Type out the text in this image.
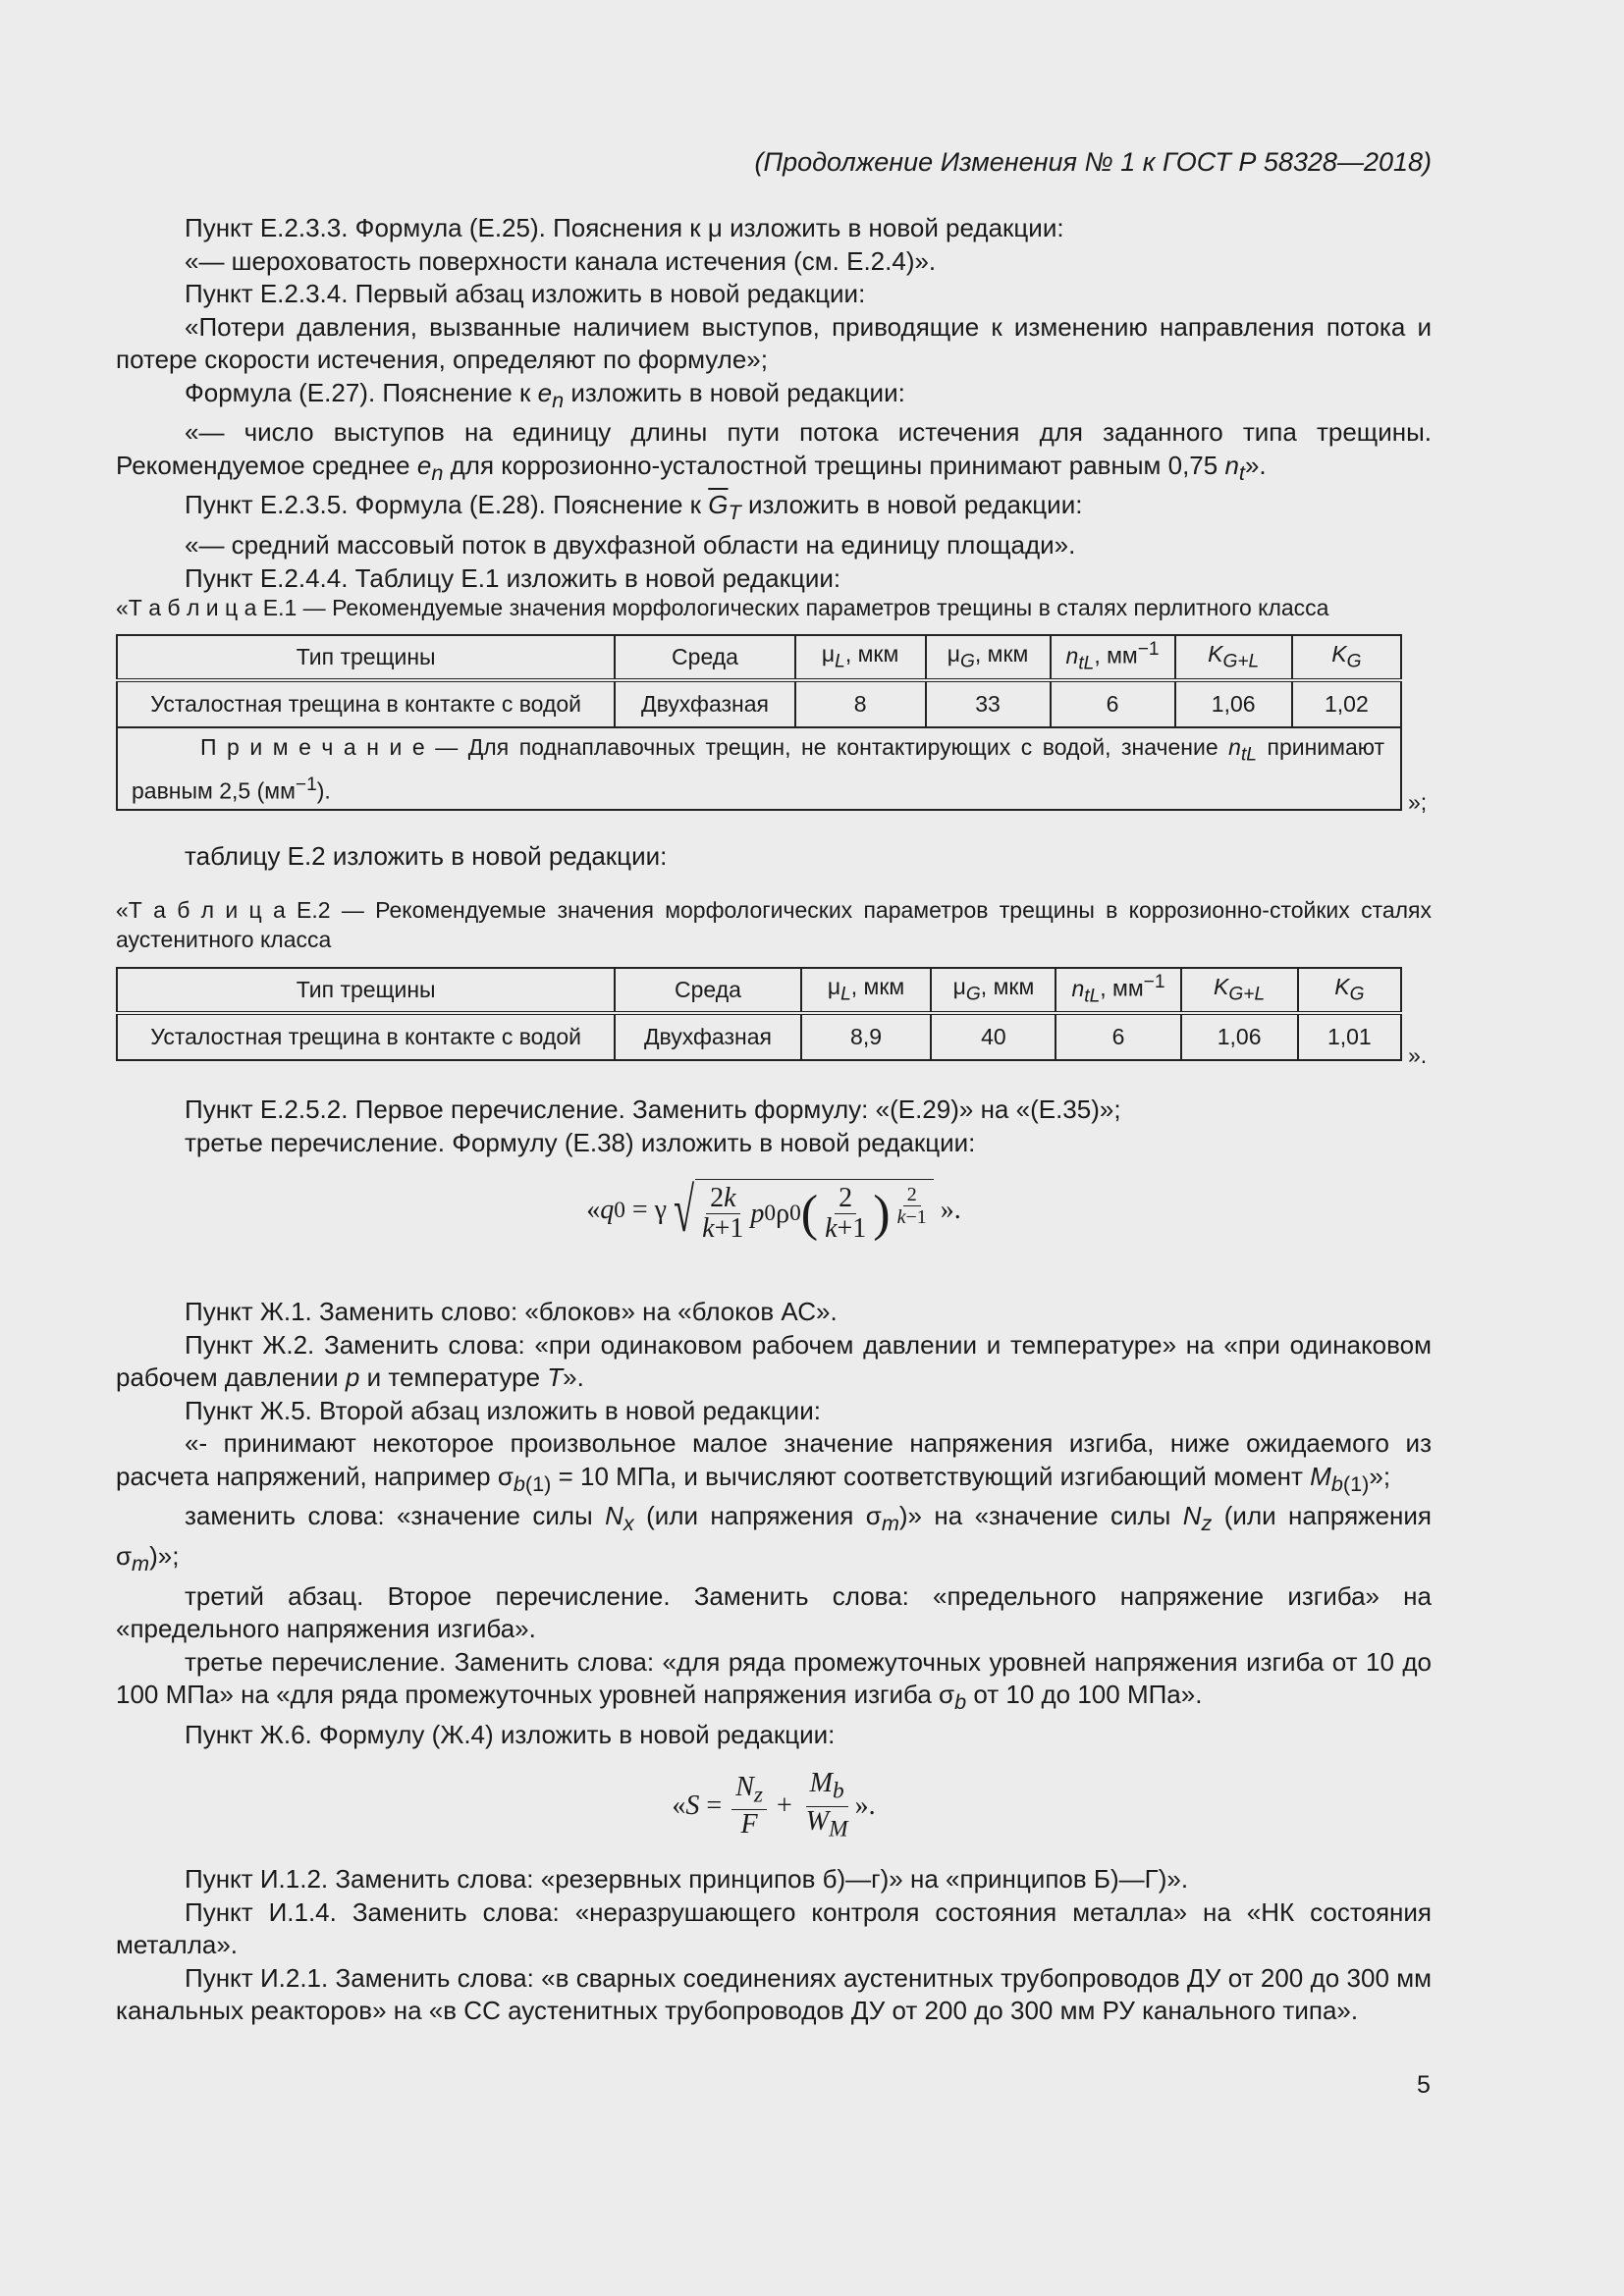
(Продолжение Изменения № 1 к ГОСТ Р 58328—2018)

Пункт Е.2.3.3. Формула (Е.25). Пояснения к μ изложить в новой редакции:

«— шероховатость поверхности канала истечения (см. Е.2.4)».

Пункт Е.2.3.4. Первый абзац изложить в новой редакции:

«Потери давления, вызванные наличием выступов, приводящие к изменению направления потока и потере скорости истечения, определяют по формуле»;

Формула (Е.27). Пояснение к $e_n$ изложить в новой редакции:

«— число выступов на единицу длины пути потока истечения для заданного типа трещины. Рекомендуемое среднее $e_n$ для коррозионно-усталостной трещины принимают равным 0,75 $n_t$».

Пункт Е.2.3.5. Формула (Е.28). Пояснение к $\overline{G}_T$ изложить в новой редакции:

«— средний массовый поток в двухфазной области на единицу площади».

Пункт Е.2.4.4. Таблицу Е.1 изложить в новой редакции:

«Т а б л и ц а Е.1 — Рекомендуемые значения морфологических параметров трещины в сталях перлитного класса

Тип трещины	Среда	$\mu_L$, мкм	$\mu_G$, мкм	$n_{tL}$, $мм^{-1}$	$K_{G+L}$	$K_G$
Усталостная трещина в контакте с водой	Двухфазная	8	33	6	1,06	1,02
П р и м е ч а н и е — Для поднаплавочных трещин, не контактирующих с водой, значение $n_{tL}$ принимают равным 2,5 $(мм^{-1})$.							»;

таблицу Е.2 изложить в новой редакции:

«Т а б л и ц а Е.2 — Рекомендуемые значения морфологических параметров трещины в коррозионно-стойких сталях аустенитного класса

Тип трещины	Среда	$\mu_L$, мкм	$\mu_G$, мкм	$n_{tL}$, $мм^{-1}$	$K_{G+L}$	$K_G$
Усталостная трещина в контакте с водой	Двухфазная	8,9	40	6	1,06	1,01
».

Пункт Е.2.5.2. Первое перечисление. Заменить формулу: «(Е.29)» на «(Е.35)»;

третье перечисление. Формулу (Е.38) изложить в новой редакции:

« q 0 = γ √ $\frac{2k}{k+1}$ p 0 ρ 0 ( $\frac{2}{k+1}$ ) $\frac{2}{k-1}$ ».

Пункт Ж.1. Заменить слово: «блоков» на «блоков АС».

Пункт Ж.2. Заменить слова: «при одинаковом рабочем давлении и температуре» на «при одинаковом рабочем давлении p и температуре T».

Пункт Ж.5. Второй абзац изложить в новой редакции:

«- принимают некоторое произвольное малое значение напряжения изгиба, ниже ожидаемого из расчета напряжений, например $\sigma_{b(1)} = 10$ МПа, и вычисляют соответствующий изгибающий момент $M_{b(1)}$»;

заменить слова: «значение силы $N_x$ (или напряжения $\sigma_m$)» на «значение силы $N_z$ (или напряжения $\sigma_m$)»;

третий абзац. Второе перечисление. Заменить слова: «предельного напряжение изгиба» на «предельного напряжения изгиба».

третье перечисление. Заменить слова: «для ряда промежуточных уровней напряжения изгиба от 10 до 100 МПа» на «для ряда промежуточных уровней напряжения изгиба $\sigma_b$ от 10 до 100 МПа».

Пункт Ж.6. Формулу (Ж.4) изложить в новой редакции:

« $S = \frac{N_z}{F} + \frac{M_b}{W_M}$ ».

Пункт И.1.2. Заменить слова: «резервных принципов б)—г)» на «принципов Б)—Г)».

Пункт И.1.4. Заменить слова: «неразрушающего контроля состояния металла» на «НК состояния металла».

Пункт И.2.1. Заменить слова: «в сварных соединениях аустенитных трубопроводов ДУ от 200 до 300 мм канальных реакторов» на «в СС аустенитных трубопроводов ДУ от 200 до 300 мм РУ канального типа».

5
